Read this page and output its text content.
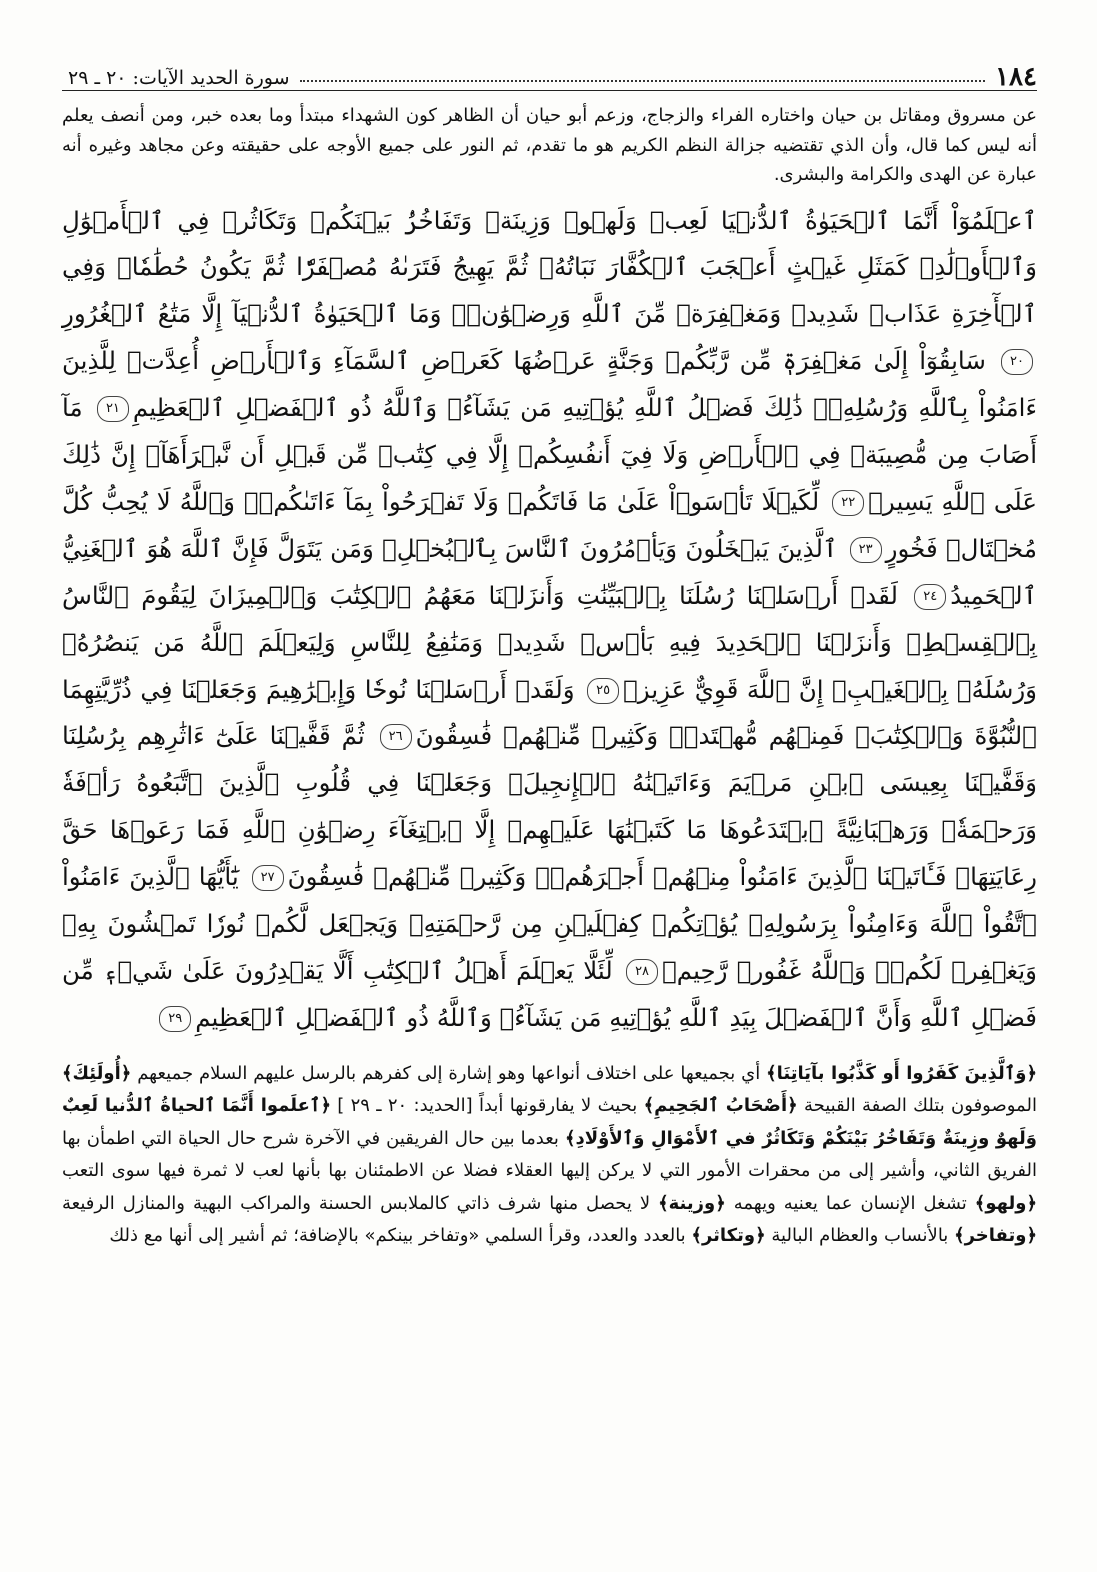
١٨٤
سورة الحديد الآيات: ٢٠ ـ ٢٩

عن مسروق ومقاتل بن حيان واختاره الفراء والزجاج، وزعم أبو حيان أن الظاهر كون الشهداء مبتدأ وما بعده خبر، ومن أنصف يعلم أنه ليس كما قال، وأن الذي تقتضيه جزالة النظم الكريم هو ما تقدم، ثم النور على جميع الأوجه على حقيقته وعن مجاهد وغيره أنه عبارة عن الهدى والكرامة والبشرى.

ٱعۡلَمُوٓاْ أَنَّمَا ٱلۡحَيَوٰةُ ٱلدُّنۡيَا لَعِبٞ وَلَهۡوٞ وَزِينَةٞ وَتَفَاخُرُۢ بَيۡنَكُمۡ وَتَكَاثُرٞ فِي ٱلۡأَمۡوَٰلِ وَٱلۡأَوۡلَٰدِۖ كَمَثَلِ غَيۡثٍ أَعۡجَبَ ٱلۡكُفَّارَ نَبَاتُهُۥ ثُمَّ يَهِيجُ فَتَرَىٰهُ مُصۡفَرّٗا ثُمَّ يَكُونُ حُطَٰمٗاۖ وَفِي ٱلۡأٓخِرَةِ عَذَابٞ شَدِيدٞ وَمَغۡفِرَةٞ مِّنَ ٱللَّهِ وَرِضۡوَٰنٞۚ وَمَا ٱلۡحَيَوٰةُ ٱلدُّنۡيَآ إِلَّا مَتَٰعُ ٱلۡغُرُورِ٢٠ سَابِقُوٓاْ إِلَىٰ مَغۡفِرَةٖ مِّن رَّبِّكُمۡ وَجَنَّةٍ عَرۡضُهَا كَعَرۡضِ ٱلسَّمَآءِ وَٱلۡأَرۡضِ أُعِدَّتۡ لِلَّذِينَ ءَامَنُواْ بِٱللَّهِ وَرُسُلِهِۦۚ ذَٰلِكَ فَضۡلُ ٱللَّهِ يُؤۡتِيهِ مَن يَشَآءُۚ وَٱللَّهُ ذُو ٱلۡفَضۡلِ ٱلۡعَظِيمِ٢١ مَآ أَصَابَ مِن مُّصِيبَةٖ فِي ٱلۡأَرۡضِ وَلَا فِيٓ أَنفُسِكُمۡ إِلَّا فِي كِتَٰبٖ مِّن قَبۡلِ أَن نَّبۡرَأَهَآۚ إِنَّ ذَٰلِكَ عَلَى ٱللَّهِ يَسِيرٞ٢٢ لِّكَيۡلَا تَأۡسَوۡاْ عَلَىٰ مَا فَاتَكُمۡ وَلَا تَفۡرَحُواْ بِمَآ ءَاتَىٰكُمۡۗ وَٱللَّهُ لَا يُحِبُّ كُلَّ مُخۡتَالٖ فَخُورٍ٢٣ ٱلَّذِينَ يَبۡخَلُونَ وَيَأۡمُرُونَ ٱلنَّاسَ بِٱلۡبُخۡلِۗ وَمَن يَتَوَلَّ فَإِنَّ ٱللَّهَ هُوَ ٱلۡغَنِيُّ ٱلۡحَمِيدُ٢٤ لَقَدۡ أَرۡسَلۡنَا رُسُلَنَا بِٱلۡبَيِّنَٰتِ وَأَنزَلۡنَا مَعَهُمُ ٱلۡكِتَٰبَ وَٱلۡمِيزَانَ لِيَقُومَ ٱلنَّاسُ بِٱلۡقِسۡطِۖ وَأَنزَلۡنَا ٱلۡحَدِيدَ فِيهِ بَأۡسٞ شَدِيدٞ وَمَنَٰفِعُ لِلنَّاسِ وَلِيَعۡلَمَ ٱللَّهُ مَن يَنصُرُهُۥ وَرُسُلَهُۥ بِٱلۡغَيۡبِۚ إِنَّ ٱللَّهَ قَوِيٌّ عَزِيزٞ٢٥ وَلَقَدۡ أَرۡسَلۡنَا نُوحٗا وَإِبۡرَٰهِيمَ وَجَعَلۡنَا فِي ذُرِّيَّتِهِمَا ٱلنُّبُوَّةَ وَٱلۡكِتَٰبَۖ فَمِنۡهُم مُّهۡتَدٖۖ وَكَثِيرٞ مِّنۡهُمۡ فَٰسِقُونَ٢٦ ثُمَّ قَفَّيۡنَا عَلَىٰٓ ءَاثَٰرِهِم بِرُسُلِنَا وَقَفَّيۡنَا بِعِيسَى ٱبۡنِ مَرۡيَمَ وَءَاتَيۡنَٰهُ ٱلۡإِنجِيلَۖ وَجَعَلۡنَا فِي قُلُوبِ ٱلَّذِينَ ٱتَّبَعُوهُ رَأۡفَةٗ وَرَحۡمَةٗۚ وَرَهۡبَانِيَّةً ٱبۡتَدَعُوهَا مَا كَتَبۡنَٰهَا عَلَيۡهِمۡ إِلَّا ٱبۡتِغَآءَ رِضۡوَٰنِ ٱللَّهِ فَمَا رَعَوۡهَا حَقَّ رِعَايَتِهَاۖ فَـَٔاتَيۡنَا ٱلَّذِينَ ءَامَنُواْ مِنۡهُمۡ أَجۡرَهُمۡۖ وَكَثِيرٞ مِّنۡهُمۡ فَٰسِقُونَ٢٧ يَٰٓأَيُّهَا ٱلَّذِينَ ءَامَنُواْ ٱتَّقُواْ ٱللَّهَ وَءَامِنُواْ بِرَسُولِهِۦ يُؤۡتِكُمۡ كِفۡلَيۡنِ مِن رَّحۡمَتِهِۦ وَيَجۡعَل لَّكُمۡ نُورٗا تَمۡشُونَ بِهِۦ وَيَغۡفِرۡ لَكُمۡۚ وَٱللَّهُ غَفُورٞ رَّحِيمٞ٢٨ لِّئَلَّا يَعۡلَمَ أَهۡلُ ٱلۡكِتَٰبِ أَلَّا يَقۡدِرُونَ عَلَىٰ شَيۡءٖ مِّن فَضۡلِ ٱللَّهِ وَأَنَّ ٱلۡفَضۡلَ بِيَدِ ٱللَّهِ يُؤۡتِيهِ مَن يَشَآءُۚ وَٱللَّهُ ذُو ٱلۡفَضۡلِ ٱلۡعَظِيمِ٢٩

﴿وَٱلَّذِينَ كَفَرُوا أَو كَذَّبُوا بآيَاتِنَا﴾ أي بجميعها على اختلاف أنواعها وهو إشارة إلى كفرهم بالرسل عليهم السلام جميعهم ﴿أُولَئِكَ﴾ الموصوفون بتلك الصفة القبيحة ﴿أَصْحَابُ ٱلجَحِيمِ﴾ بحيث لا يفارقونها أبداً [الحديد: ٢٠ ـ ٢٩ ] ﴿ٱعلَموا أَنَّمَا ٱلحياةُ ٱلدُّنيا لَعِبٌ وَلَهوٌ وزِينَةٌ وَتَفَاخُرُ بَيْنَكُمْ وَتَكَاثُرٌ في ٱلأَمْوَالِ وَٱلأَوْلَادِ﴾ بعدما بين حال الفريقين في الآخرة شرح حال الحياة التي اطمأن بها الفريق الثاني، وأشير إلى من محقرات الأمور التي لا يركن إليها العقلاء فضلا عن الاطمئنان بها بأنها لعب لا ثمرة فيها سوى التعب ﴿ولهو﴾ تشغل الإنسان عما يعنيه ويهمه ﴿وزينة﴾ لا يحصل منها شرف ذاتي كالملابس الحسنة والمراكب البهية والمنازل الرفيعة ﴿وتفاخر﴾ بالأنساب والعظام البالية ﴿وتكاثر﴾ بالعدد والعدد، وقرأ السلمي «وتفاخر بينكم» بالإضافة؛ ثم أشير إلى أنها مع ذلك
